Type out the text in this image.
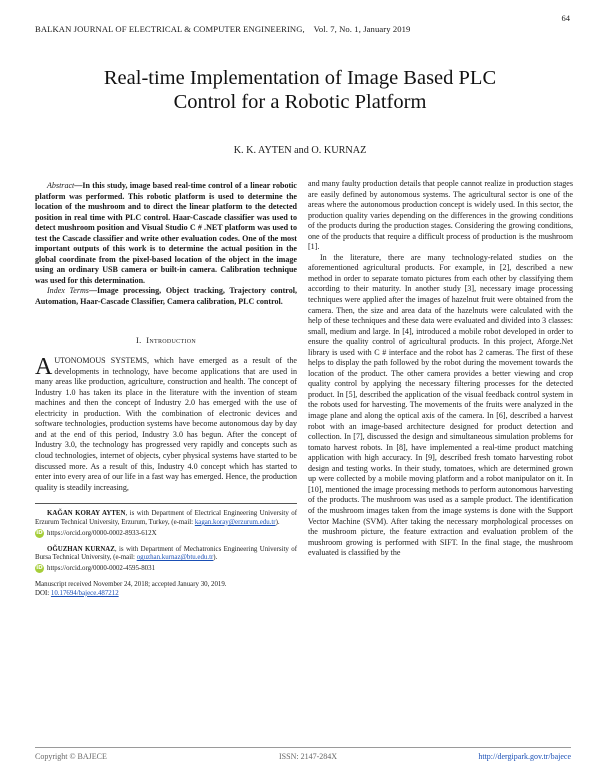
64
BALKAN JOURNAL OF ELECTRICAL & COMPUTER ENGINEERING, Vol. 7, No. 1, January 2019
Real-time Implementation of Image Based PLC
Control for a Robotic Platform
K. K. AYTEN and O. KURNAZ

Abstract—In this study, image based real-time control of a linear robotic platform was performed. This robotic platform is used to determine the location of the mushroom and to direct the linear platform to the detected position in real time with PLC control. Haar-Cascade classifier was used to detect mushroom position and Visual Studio C # .NET platform was used to test the Cascade classifier and write other evaluation codes. One of the most important outputs of this work is to determine the actual position in the global coordinate from the pixel-based location of the object in the image using an ordinary USB camera or built-in camera. Calibration technique was used for this determination.

Index Terms—Image processing, Object tracking, Trajectory control, Automation, Haar-Cascade Classifier, Camera calibration, PLC control.

I. Introduction

AUTONOMOUS SYSTEMS, which have emerged as a result of the developments in technology, have become applications that are used in many areas like production, agriculture, construction and health. The concept of Industry 1.0 has taken its place in the literature with the invention of steam machines and then the concept of Industry 2.0 has emerged with the use of electricity in production. With the combination of electronic devices and software technologies, production systems have become autonomous day by day and at the end of this period, Industry 3.0 has begun. After the concept of Industry 3.0, the technology has progressed very rapidly and concepts such as cloud technologies, internet of objects, cyber physical systems have started to be discussed more. As a result of this, Industry 4.0 concept which has started to enter into every area of our life in a fast way has emerged. Hence, the production quality is steadily increasing,

KAĞAN KORAY AYTEN, is with Department of Electrical Engineering University of Erzurum Technical University, Erzurum, Turkey, (e-mail: kagan.koray@erzurum.edu.tr).
iD https://orcid.org/0000-0002-8933-612X
OĞUZHAN KURNAZ, is with Department of Mechatronics Engineering University of Bursa Technical University, (e-mail: oguzhan.kurnaz@btu.edu.tr).
iD https://orcid.org/0000-0002-4595-8031
Manuscript received November 24, 2018; accepted January 30, 2019.
DOI: 10.17694/bajece.487212

and many faulty production details that people cannot realize in production stages are easily defined by autonomous systems. The agricultural sector is one of the areas where the autonomous production concept is widely used. In this sector, the production quality varies depending on the differences in the growing conditions of the products during the production stages. Considering the growing conditions, one of the products that require a difficult process of production is the mushroom [1].

In the literature, there are many technology-related studies on the aforementioned agricultural products. For example, in [2], described a new method in order to separate tomato pictures from each other by classifying them according to their maturity. In another study [3], necessary image processing techniques were applied after the images of hazelnut fruit were obtained from the camera. Then, the size and area data of the hazelnuts were calculated with the help of these techniques and these data were evaluated and divided into 3 classes: small, medium and large. In [4], introduced a mobile robot developed in order to ensure the quality control of agricultural products. In this project, Aforge.Net library is used with C # interface and the robot has 2 cameras. The first of these helps to display the path followed by the robot during the movement towards the location of the product. The other camera provides a better viewing and crop quality control by applying the necessary filtering processes for the detected product. In [5], described the application of the visual feedback control system in the robots used for harvesting. The movements of the fruits were analyzed in the image plane and along the optical axis of the camera. In [6], described a harvest robot with an image-based architecture designed for product detection and collection. In [7], discussed the design and simultaneous simulation problems for tomato harvest robots. In [8], have implemented a real-time product matching application with high accuracy. In [9], described fresh tomato harvesting robot design and testing works. In their study, tomatoes, which are determined grown up were collected by a mobile moving platform and a robot manipulator on it. In [10], mentioned the image processing methods to perform autonomous harvesting of the products. The mushroom was used as a sample product. The identification of the mushroom images taken from the image systems is done with the Support Vector Machine (SVM). After taking the necessary morphological processes on the mushroom picture, the feature extraction and evaluation problem of the mushroom growing is performed with SIFT. In the final stage, the mushroom evaluated is classified by the

Copyright © BAJECE	ISSN: 2147-284X	http://dergipark.gov.tr/bajece
